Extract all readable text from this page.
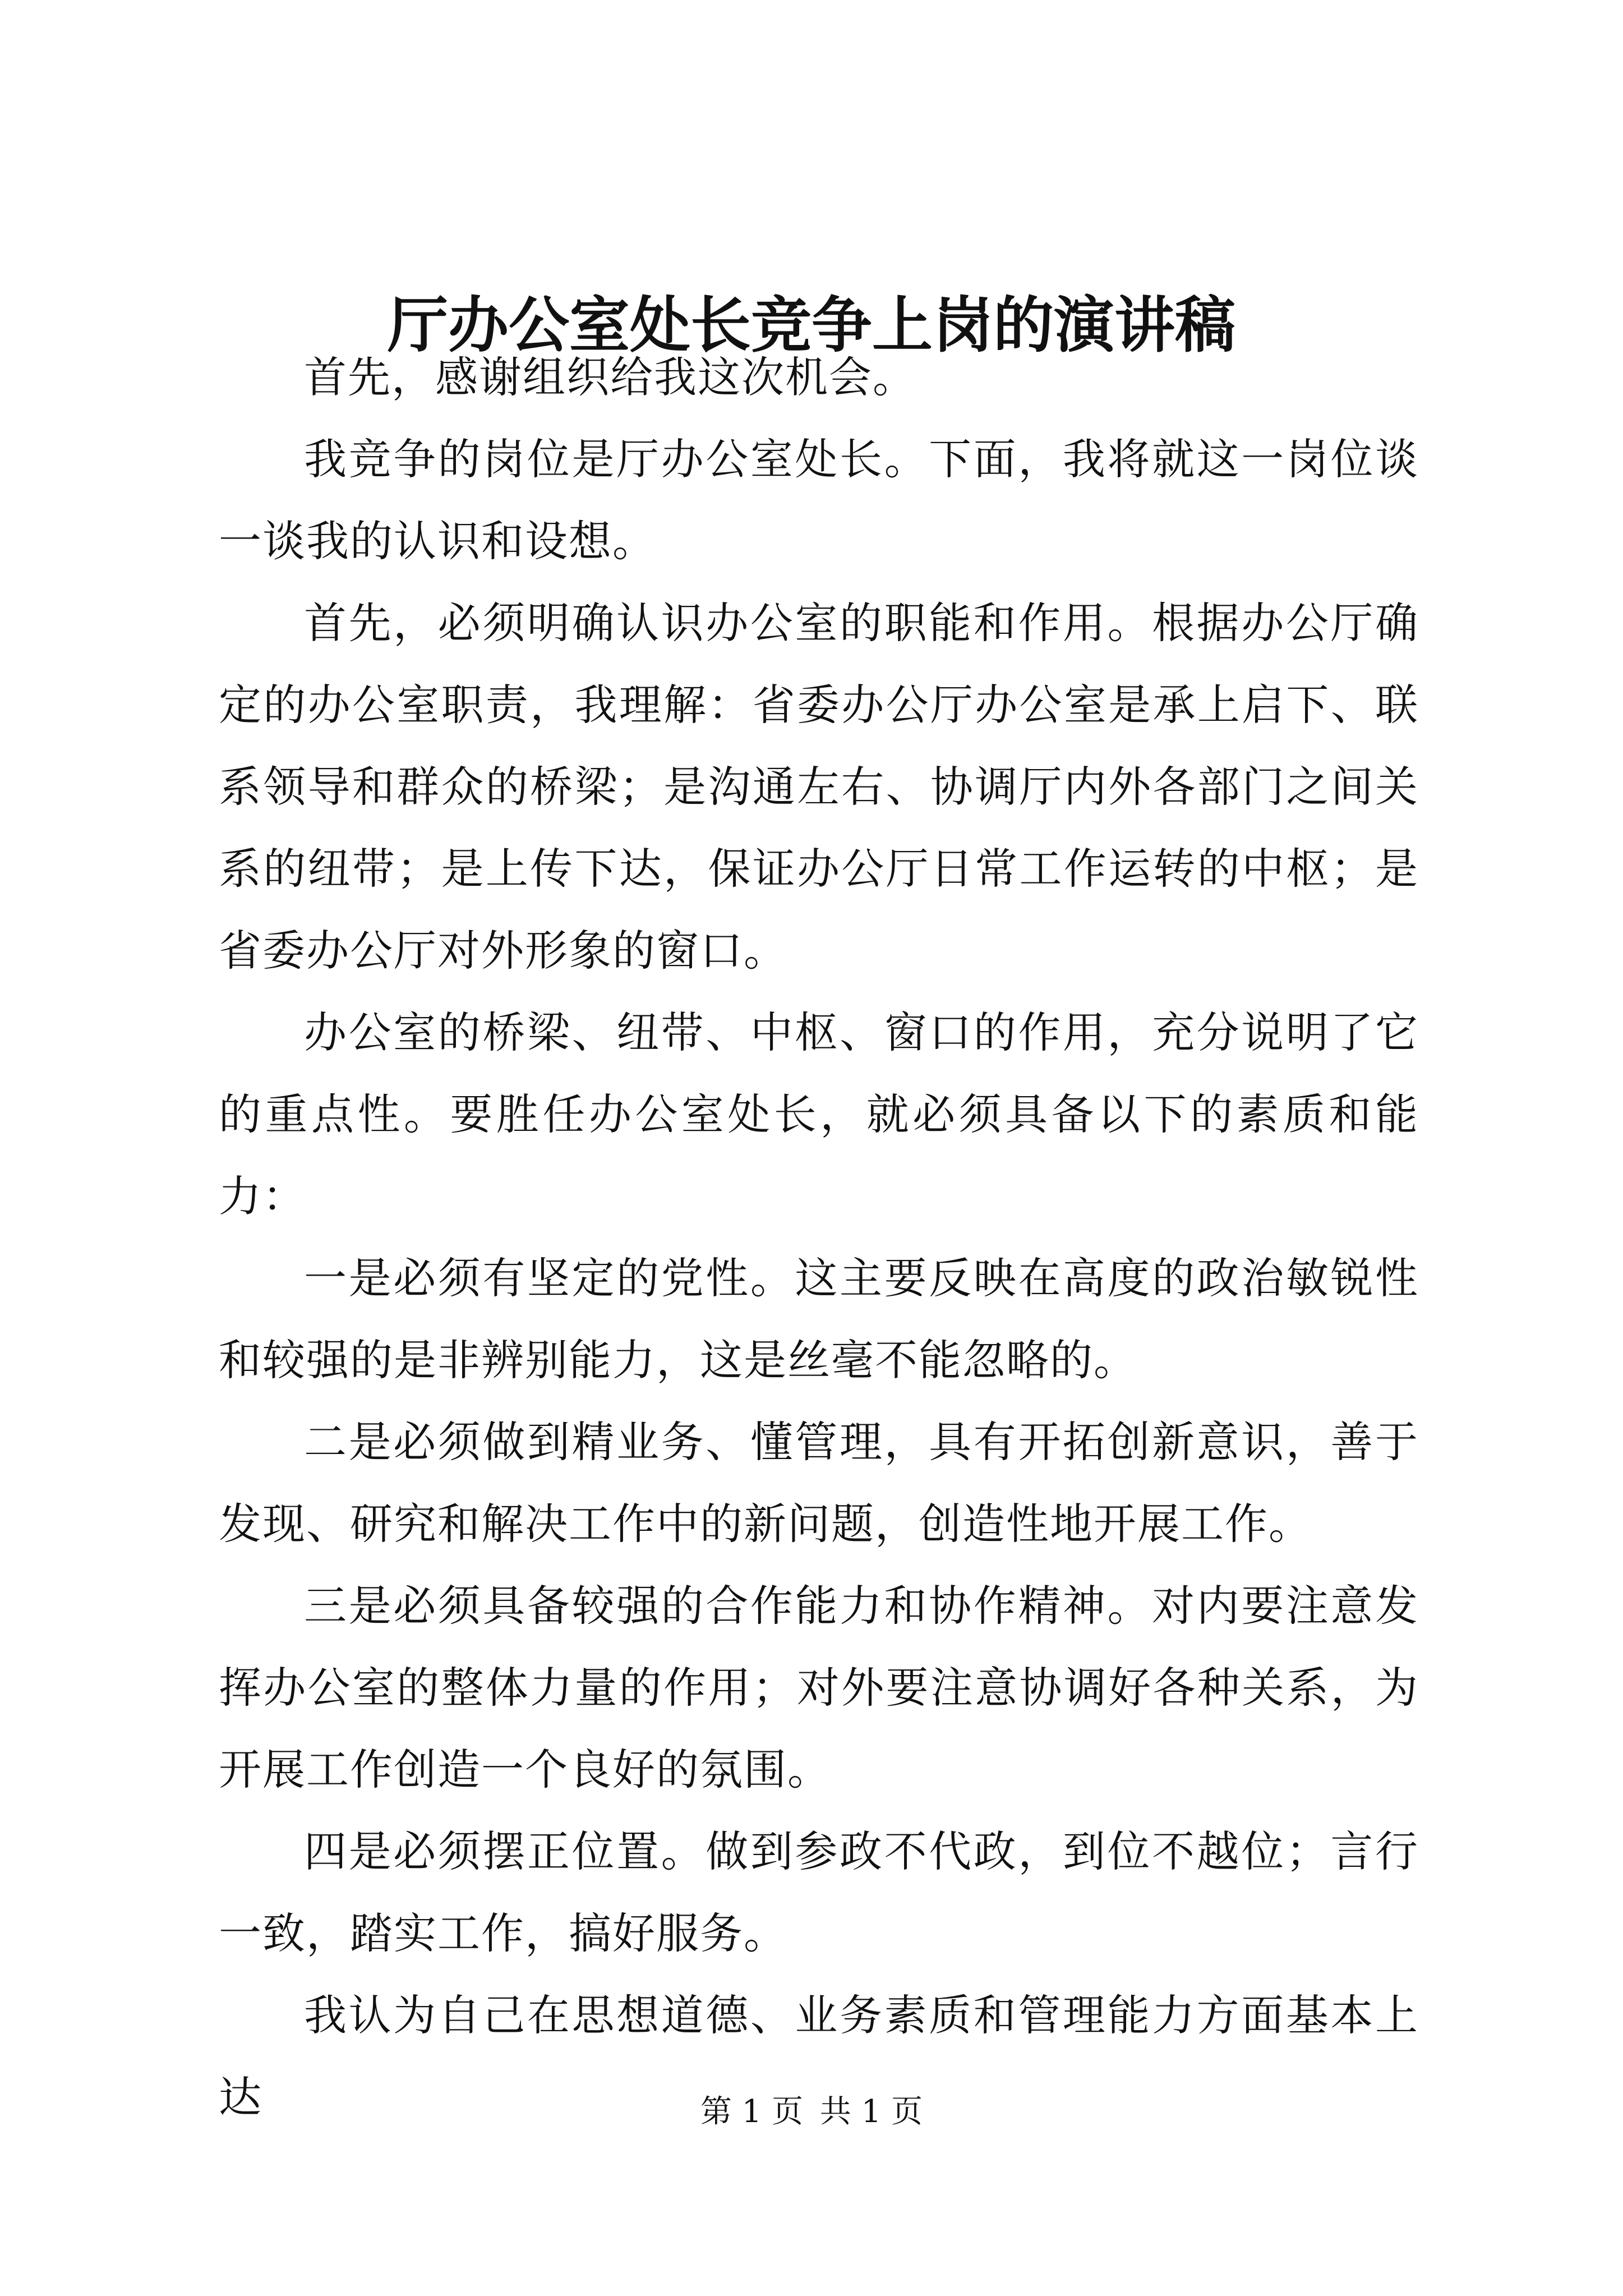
厅办公室处长竞争上岗的演讲稿

首先，感谢组织给我这次机会。

我竞争的岗位是厅办公室处长。下面，我将就这一岗位谈一谈我的认识和设想。

首先，必须明确认识办公室的职能和作用。根据办公厅确定的办公室职责，我理解：省委办公厅办公室是承上启下、联系领导和群众的桥梁；是沟通左右、协调厅内外各部门之间关系的纽带；是上传下达，保证办公厅日常工作运转的中枢；是省委办公厅对外形象的窗口。

办公室的桥梁、纽带、中枢、窗口的作用，充分说明了它的重点性。要胜任办公室处长，就必须具备以下的素质和能力：

一是必须有坚定的党性。这主要反映在高度的政治敏锐性和较强的是非辨别能力，这是丝毫不能忽略的。

二是必须做到精业务、懂管理，具有开拓创新意识，善于发现、研究和解决工作中的新问题，创造性地开展工作。

三是必须具备较强的合作能力和协作精神。对内要注意发挥办公室的整体力量的作用；对外要注意协调好各种关系，为开展工作创造一个良好的氛围。

四是必须摆正位置。做到参政不代政，到位不越位；言行一致，踏实工作，搞好服务。

我认为自己在思想道德、业务素质和管理能力方面基本上达	第 1 页 共 1 页
